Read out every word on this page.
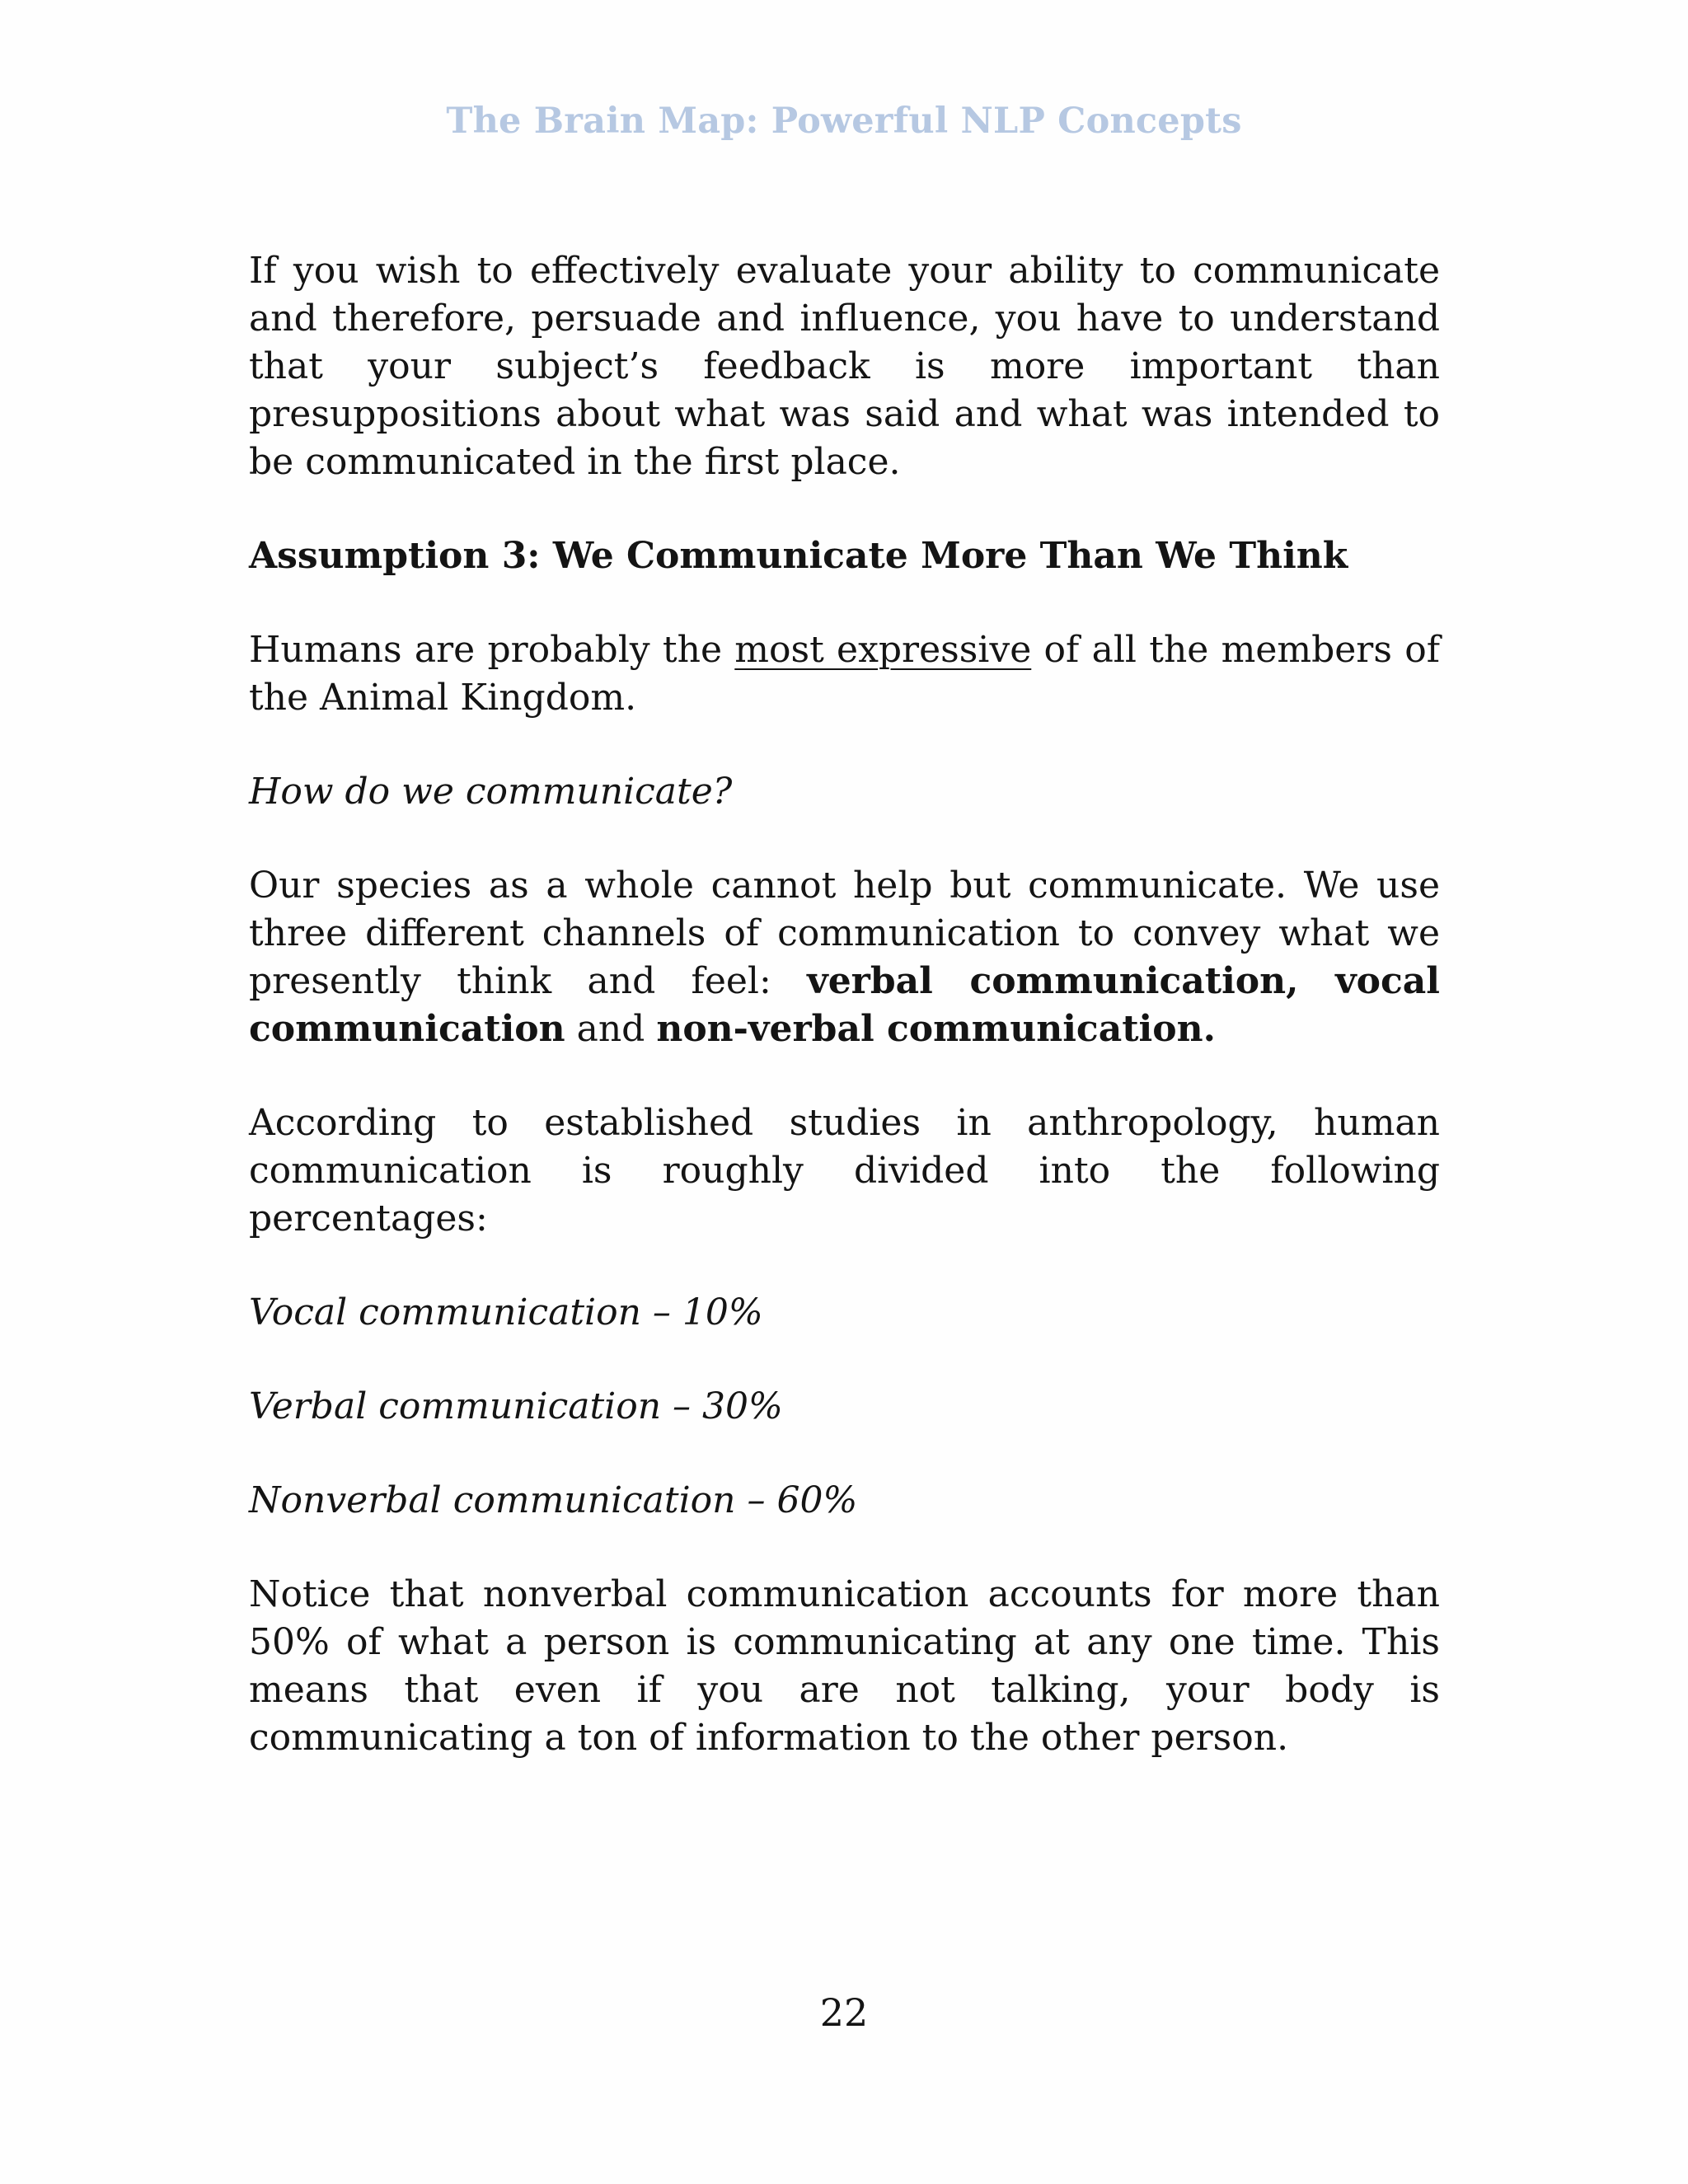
The Brain Map: Powerful NLP Concepts

If you wish to effectively evaluate your ability to communicate and therefore, persuade and influence, you have to understand that your subject’s feedback is more important than presuppositions about what was said and what was intended to be communicated in the first place.

Assumption 3: We Communicate More Than We Think

Humans are probably the most expressive of all the members of the Animal Kingdom.

How do we communicate?

Our species as a whole cannot help but communicate. We use three different channels of communication to convey what we presently think and feel: verbal communication, vocal communication and non-verbal communication.

According to established studies in anthropology, human communication is roughly divided into the following percentages:

Vocal communication – 10%

Verbal communication – 30%

Nonverbal communication – 60%

Notice that nonverbal communication accounts for more than 50% of what a person is communicating at any one time. This means that even if you are not talking, your body is communicating a ton of information to the other person.

22
